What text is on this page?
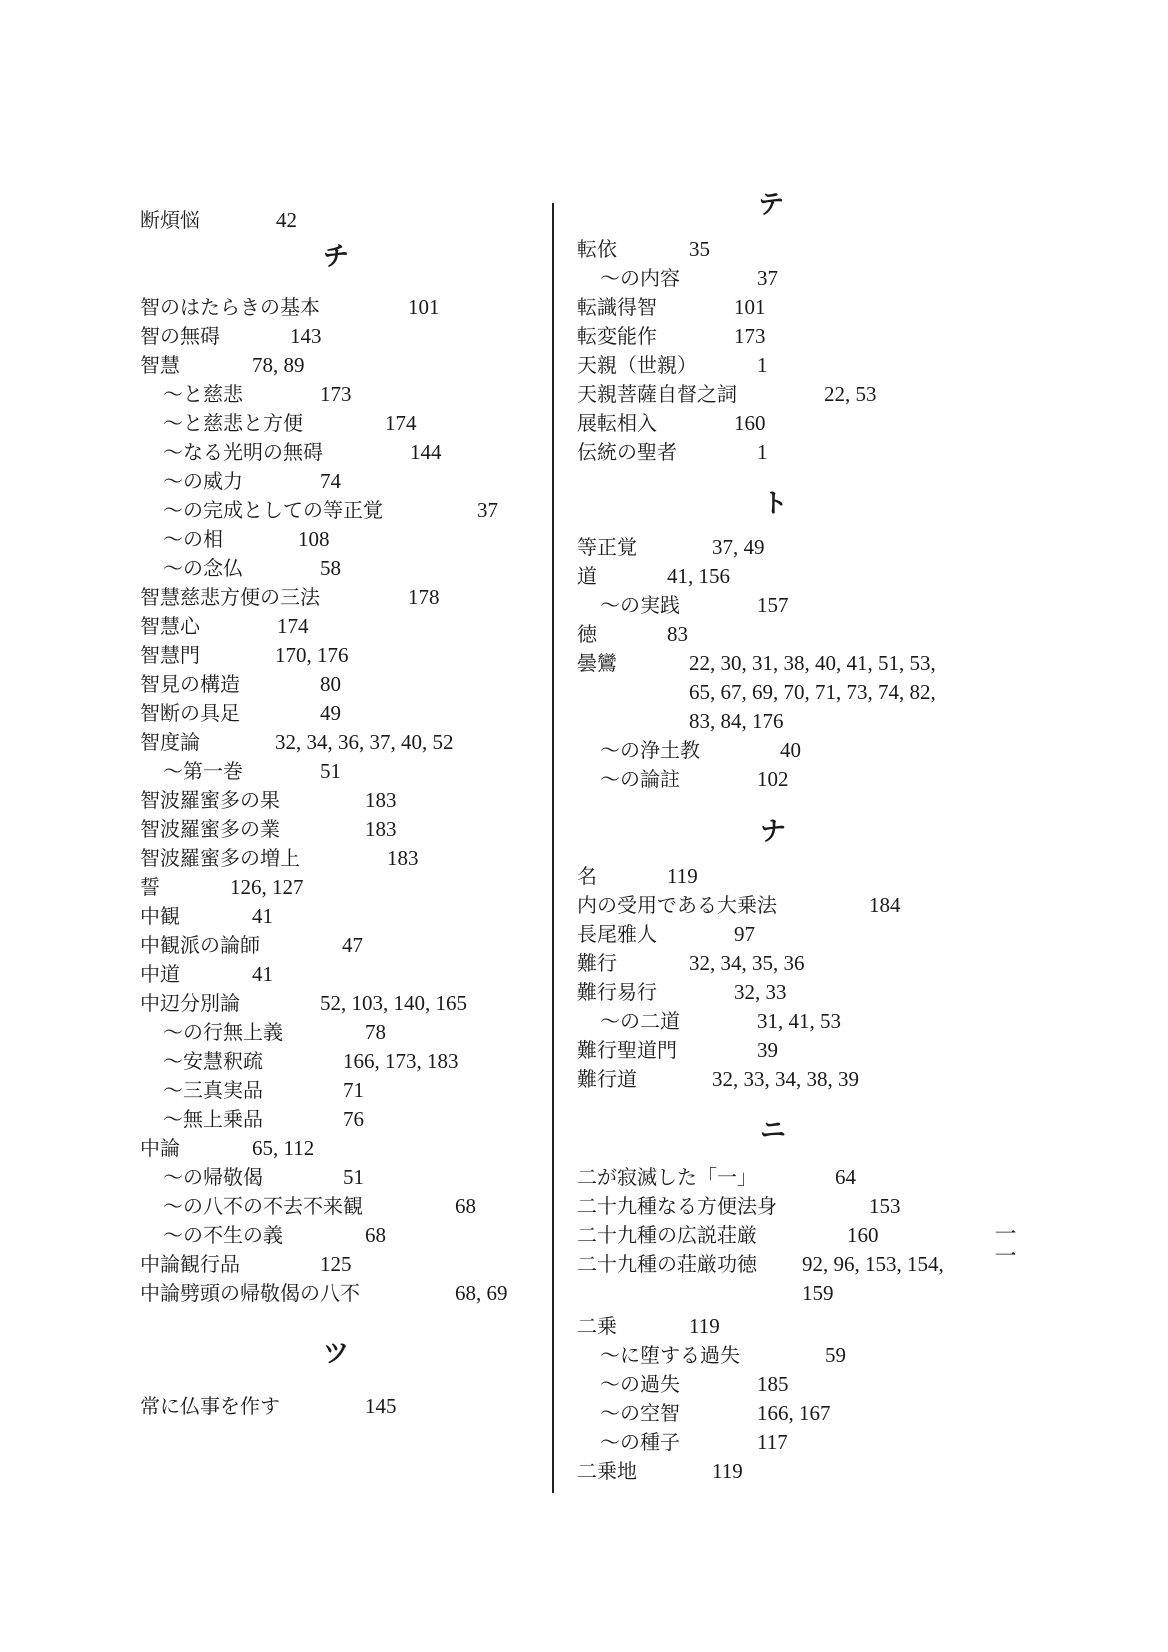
断煩悩	42
チ
智のはたらきの基本	101
智の無碍	143
智慧	78, 89
～と慈悲	173
～と慈悲と方便	174
～なる光明の無碍	144
～の威力	74
～の完成としての等正覚	37
～の相	108
～の念仏	58
智慧慈悲方便の三法	178
智慧心	174
智慧門	170, 176
智見の構造	80
智断の具足	49
智度論	32, 34, 36, 37, 40, 52
～第一巻	51
智波羅蜜多の果	183
智波羅蜜多の業	183
智波羅蜜多の増上	183
誓	126, 127
中観	41
中観派の論師	47
中道	41
中辺分別論	52, 103, 140, 165
～の行無上義	78
～安慧釈疏	166, 173, 183
～三真実品	71
～無上乗品	76
中論	65, 112
～の帰敬偈	51
～の八不の不去不来観	68
～の不生の義	68
中論観行品	125
中論劈頭の帰敬偈の八不	68, 69
ツ
常に仏事を作す	145
テ
転依	35
～の内容	37
転識得智	101
転変能作	173
天親（世親）	1
天親菩薩自督之詞	22, 53
展転相入	160
伝統の聖者	1
ト
等正覚	37, 49
道	41, 156
～の実践	157
徳	83
曇鸞	22, 30, 31, 38, 40, 41, 51, 53,
65, 67, 69, 70, 71, 73, 74, 82,
83, 84, 176
～の浄土教	40
～の論註	102
ナ
名	119
内の受用である大乗法	184
長尾雅人	97
難行	32, 34, 35, 36
難行易行	32, 33
～の二道	31, 41, 53
難行聖道門	39
難行道	32, 33, 34, 38, 39
ニ
二が寂滅した「一」	64
二十九種なる方便法身	153
二十九種の広説荘厳	160
二十九種の荘厳功徳 92, 96, 153, 154,
159
二乗	119
～に堕する過失	59
～の過失	185
～の空智	166, 167
～の種子	117
二乗地	119
一一
